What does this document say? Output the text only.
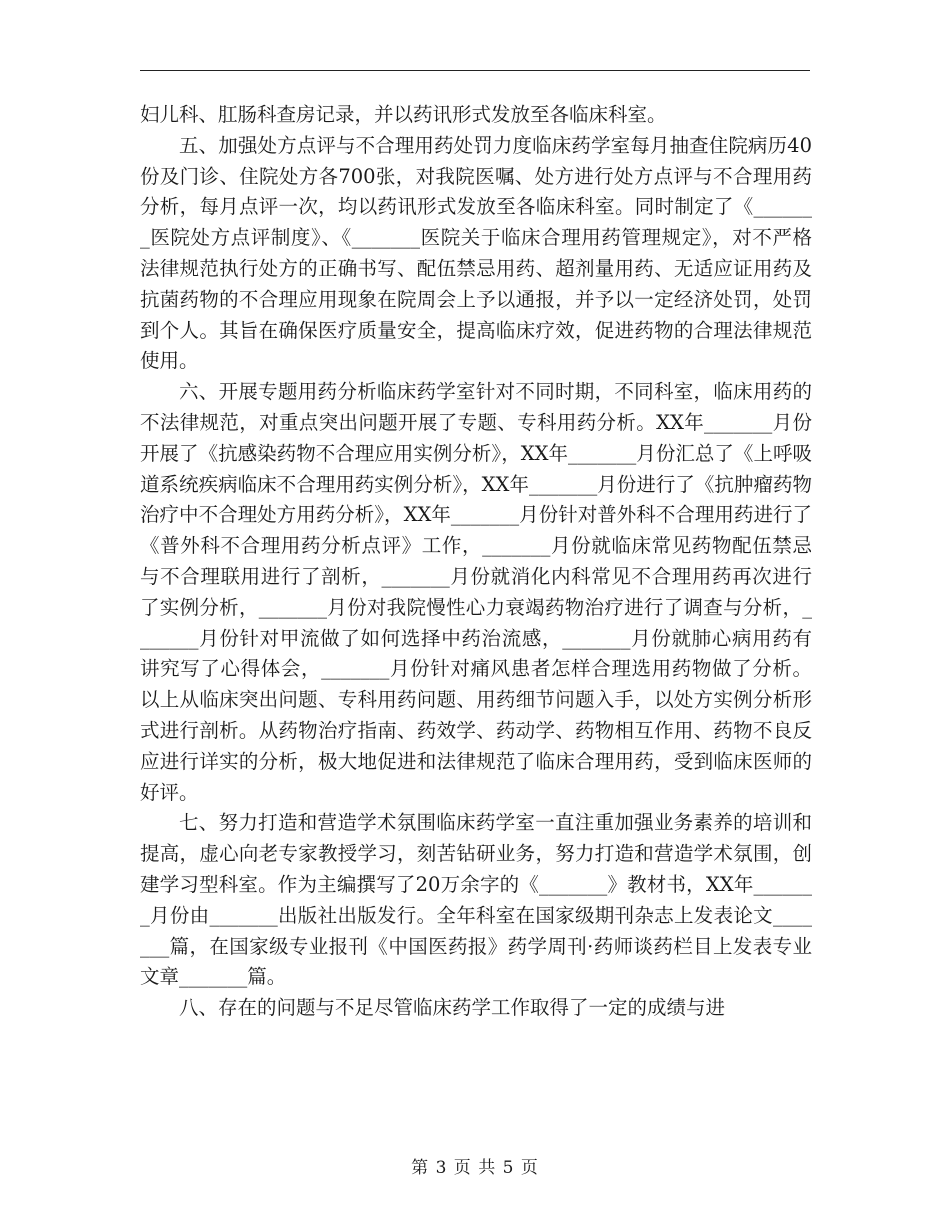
妇儿科、肛肠科查房记录，并以药讯形式发放至各临床科室。

五、加强处方点评与不合理用药处罚力度临床药学室每月抽查住院病历40份及门诊、住院处方各700张，对我院医嘱、处方进行处方点评与不合理用药分析，每月点评一次，均以药讯形式发放至各临床科室。同时制定了《_______医院处方点评制度》、《_______医院关于临床合理用药管理规定》，对不严格法律规范执行处方的正确书写、配伍禁忌用药、超剂量用药、无适应证用药及抗菌药物的不合理应用现象在院周会上予以通报，并予以一定经济处罚，处罚到个人。其旨在确保医疗质量安全，提高临床疗效，促进药物的合理法律规范使用。

六、开展专题用药分析临床药学室针对不同时期，不同科室，临床用药的不法律规范，对重点突出问题开展了专题、专科用药分析。XX年_______月份开展了《抗感染药物不合理应用实例分析》，XX年_______月份汇总了《上呼吸道系统疾病临床不合理用药实例分析》，XX年_______月份进行了《抗肿瘤药物治疗中不合理处方用药分析》，XX年_______月份针对普外科不合理用药进行了《普外科不合理用药分析点评》工作，_______月份就临床常见药物配伍禁忌与不合理联用进行了剖析，_______月份就消化内科常见不合理用药再次进行了实例分析，_______月份对我院慢性心力衰竭药物治疗进行了调查与分析，_______月份针对甲流做了如何选择中药治流感，_______月份就肺心病用药有讲究写了心得体会，_______月份针对痛风患者怎样合理选用药物做了分析。以上从临床突出问题、专科用药问题、用药细节问题入手，以处方实例分析形式进行剖析。从药物治疗指南、药效学、药动学、药物相互作用、药物不良反应进行详实的分析，极大地促进和法律规范了临床合理用药，受到临床医师的好评。

七、努力打造和营造学术氛围临床药学室一直注重加强业务素养的培训和提高，虚心向老专家教授学习，刻苦钻研业务，努力打造和营造学术氛围，创建学习型科室。作为主编撰写了20万余字的《_______》教材书，XX年_______月份由_______出版社出版发行。全年科室在国家级期刊杂志上发表论文_______篇，在国家级专业报刊《中国医药报》药学周刊·药师谈药栏目上发表专业文章_______篇。

八、存在的问题与不足尽管临床药学工作取得了一定的成绩与进

第 3 页 共 5 页
